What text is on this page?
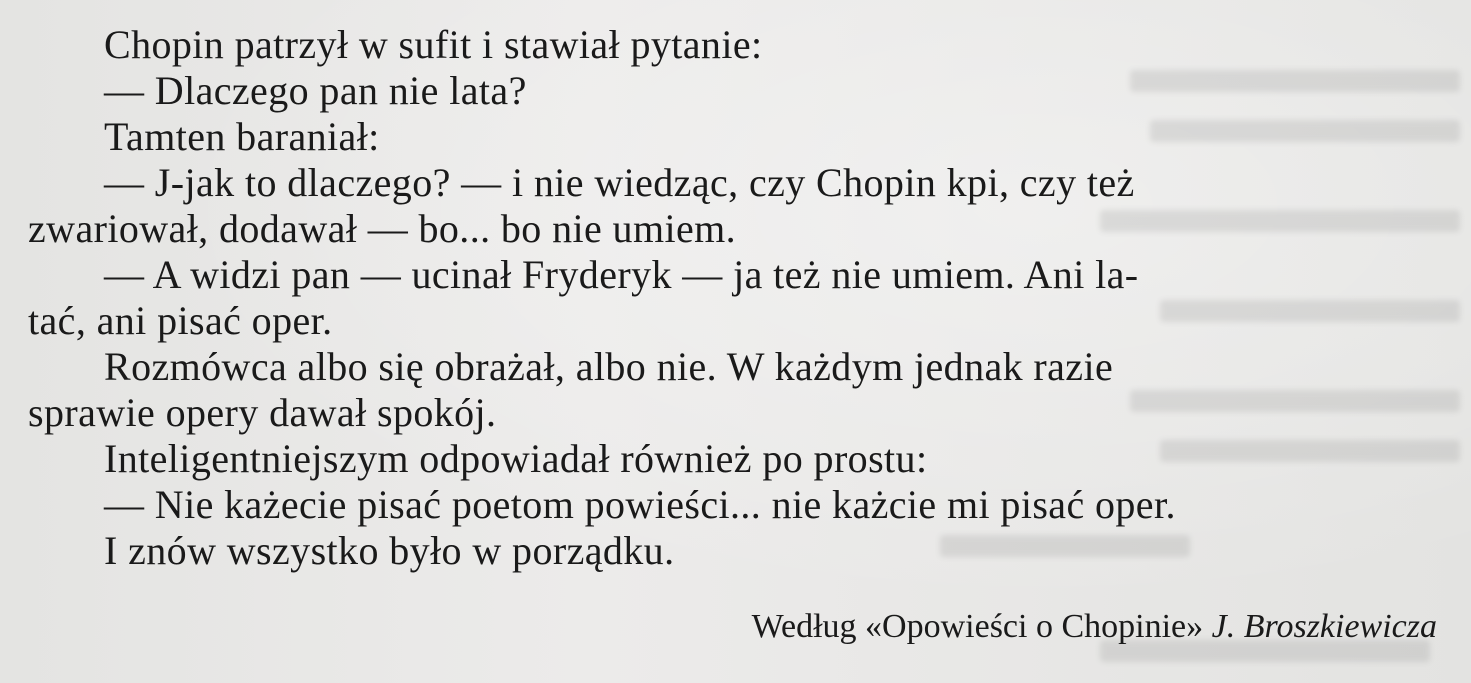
Chopin patrzył w sufit i stawiał pytanie:
— Dlaczego pan nie lata?
Tamten baraniał:
— J-jak to dlaczego? — i nie wiedząc, czy Chopin kpi, czy też
zwariował, dodawał — bo... bo nie umiem.
— A widzi pan — ucinał Fryderyk — ja też nie umiem. Ani la-
tać, ani pisać oper.
Rozmówca albo się obrażał, albo nie. W każdym jednak razie
sprawie opery dawał spokój.
Inteligentniejszym odpowiadał również po prostu:
— Nie każecie pisać poetom powieści... nie każcie mi pisać oper.
I znów wszystko było w porządku.
Według «Opowieści o Chopinie» J. Broszkiewicza
